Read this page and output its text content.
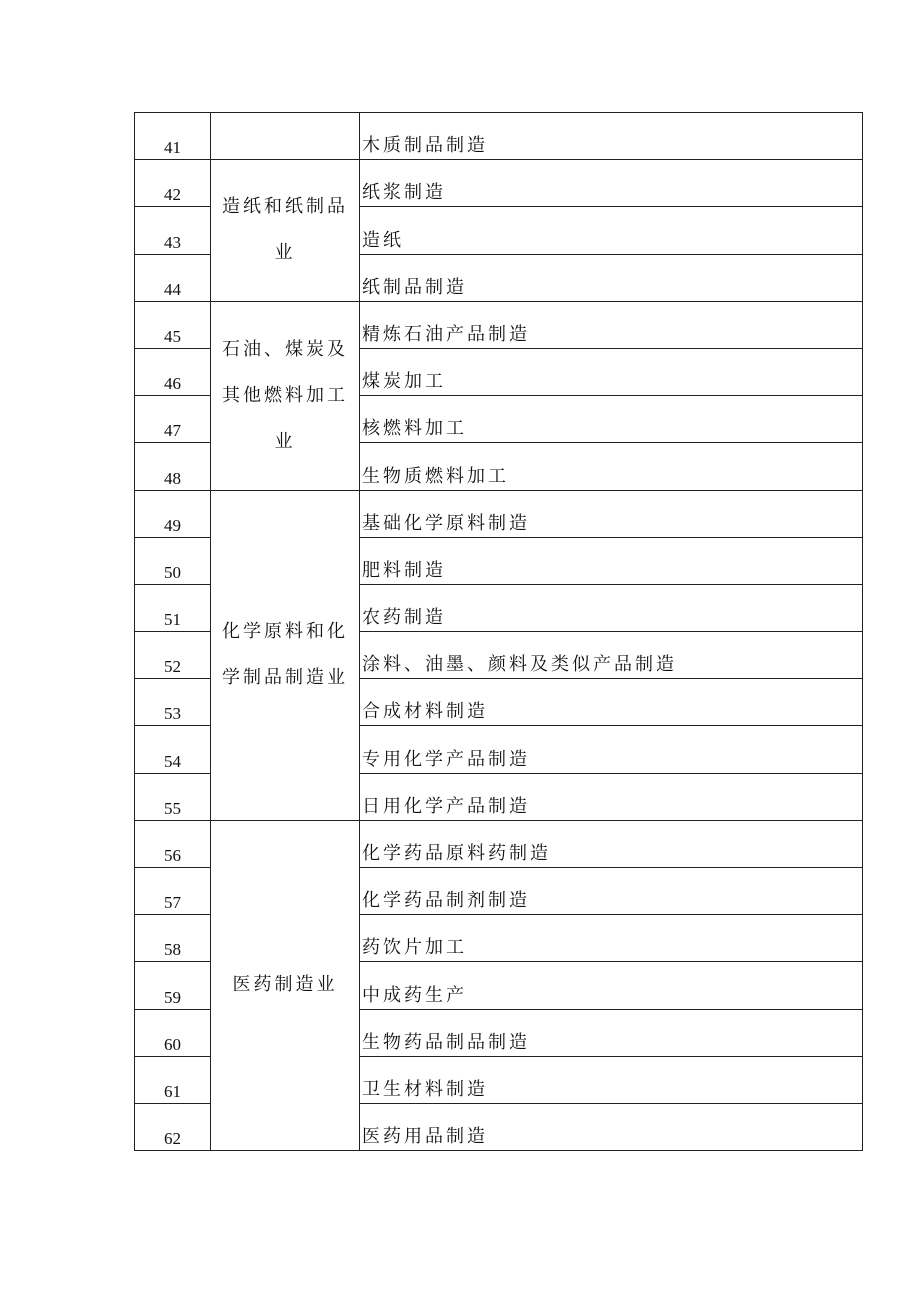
41		木质制品制造
42	造纸和纸制品业	纸浆制造
43		造纸
44		纸制品制造
45	石油、煤炭及其他燃料加工业	精炼石油产品制造
46		煤炭加工
47		核燃料加工
48		生物质燃料加工
49	化学原料和化学制品制造业	基础化学原料制造
50		肥料制造
51		农药制造
52		涂料、油墨、颜料及类似产品制造
53		合成材料制造
54		专用化学产品制造
55		日用化学产品制造
56	医药制造业	化学药品原料药制造
57		化学药品制剂制造
58		药饮片加工
59		中成药生产
60		生物药品制品制造
61		卫生材料制造
62		医药用品制造
